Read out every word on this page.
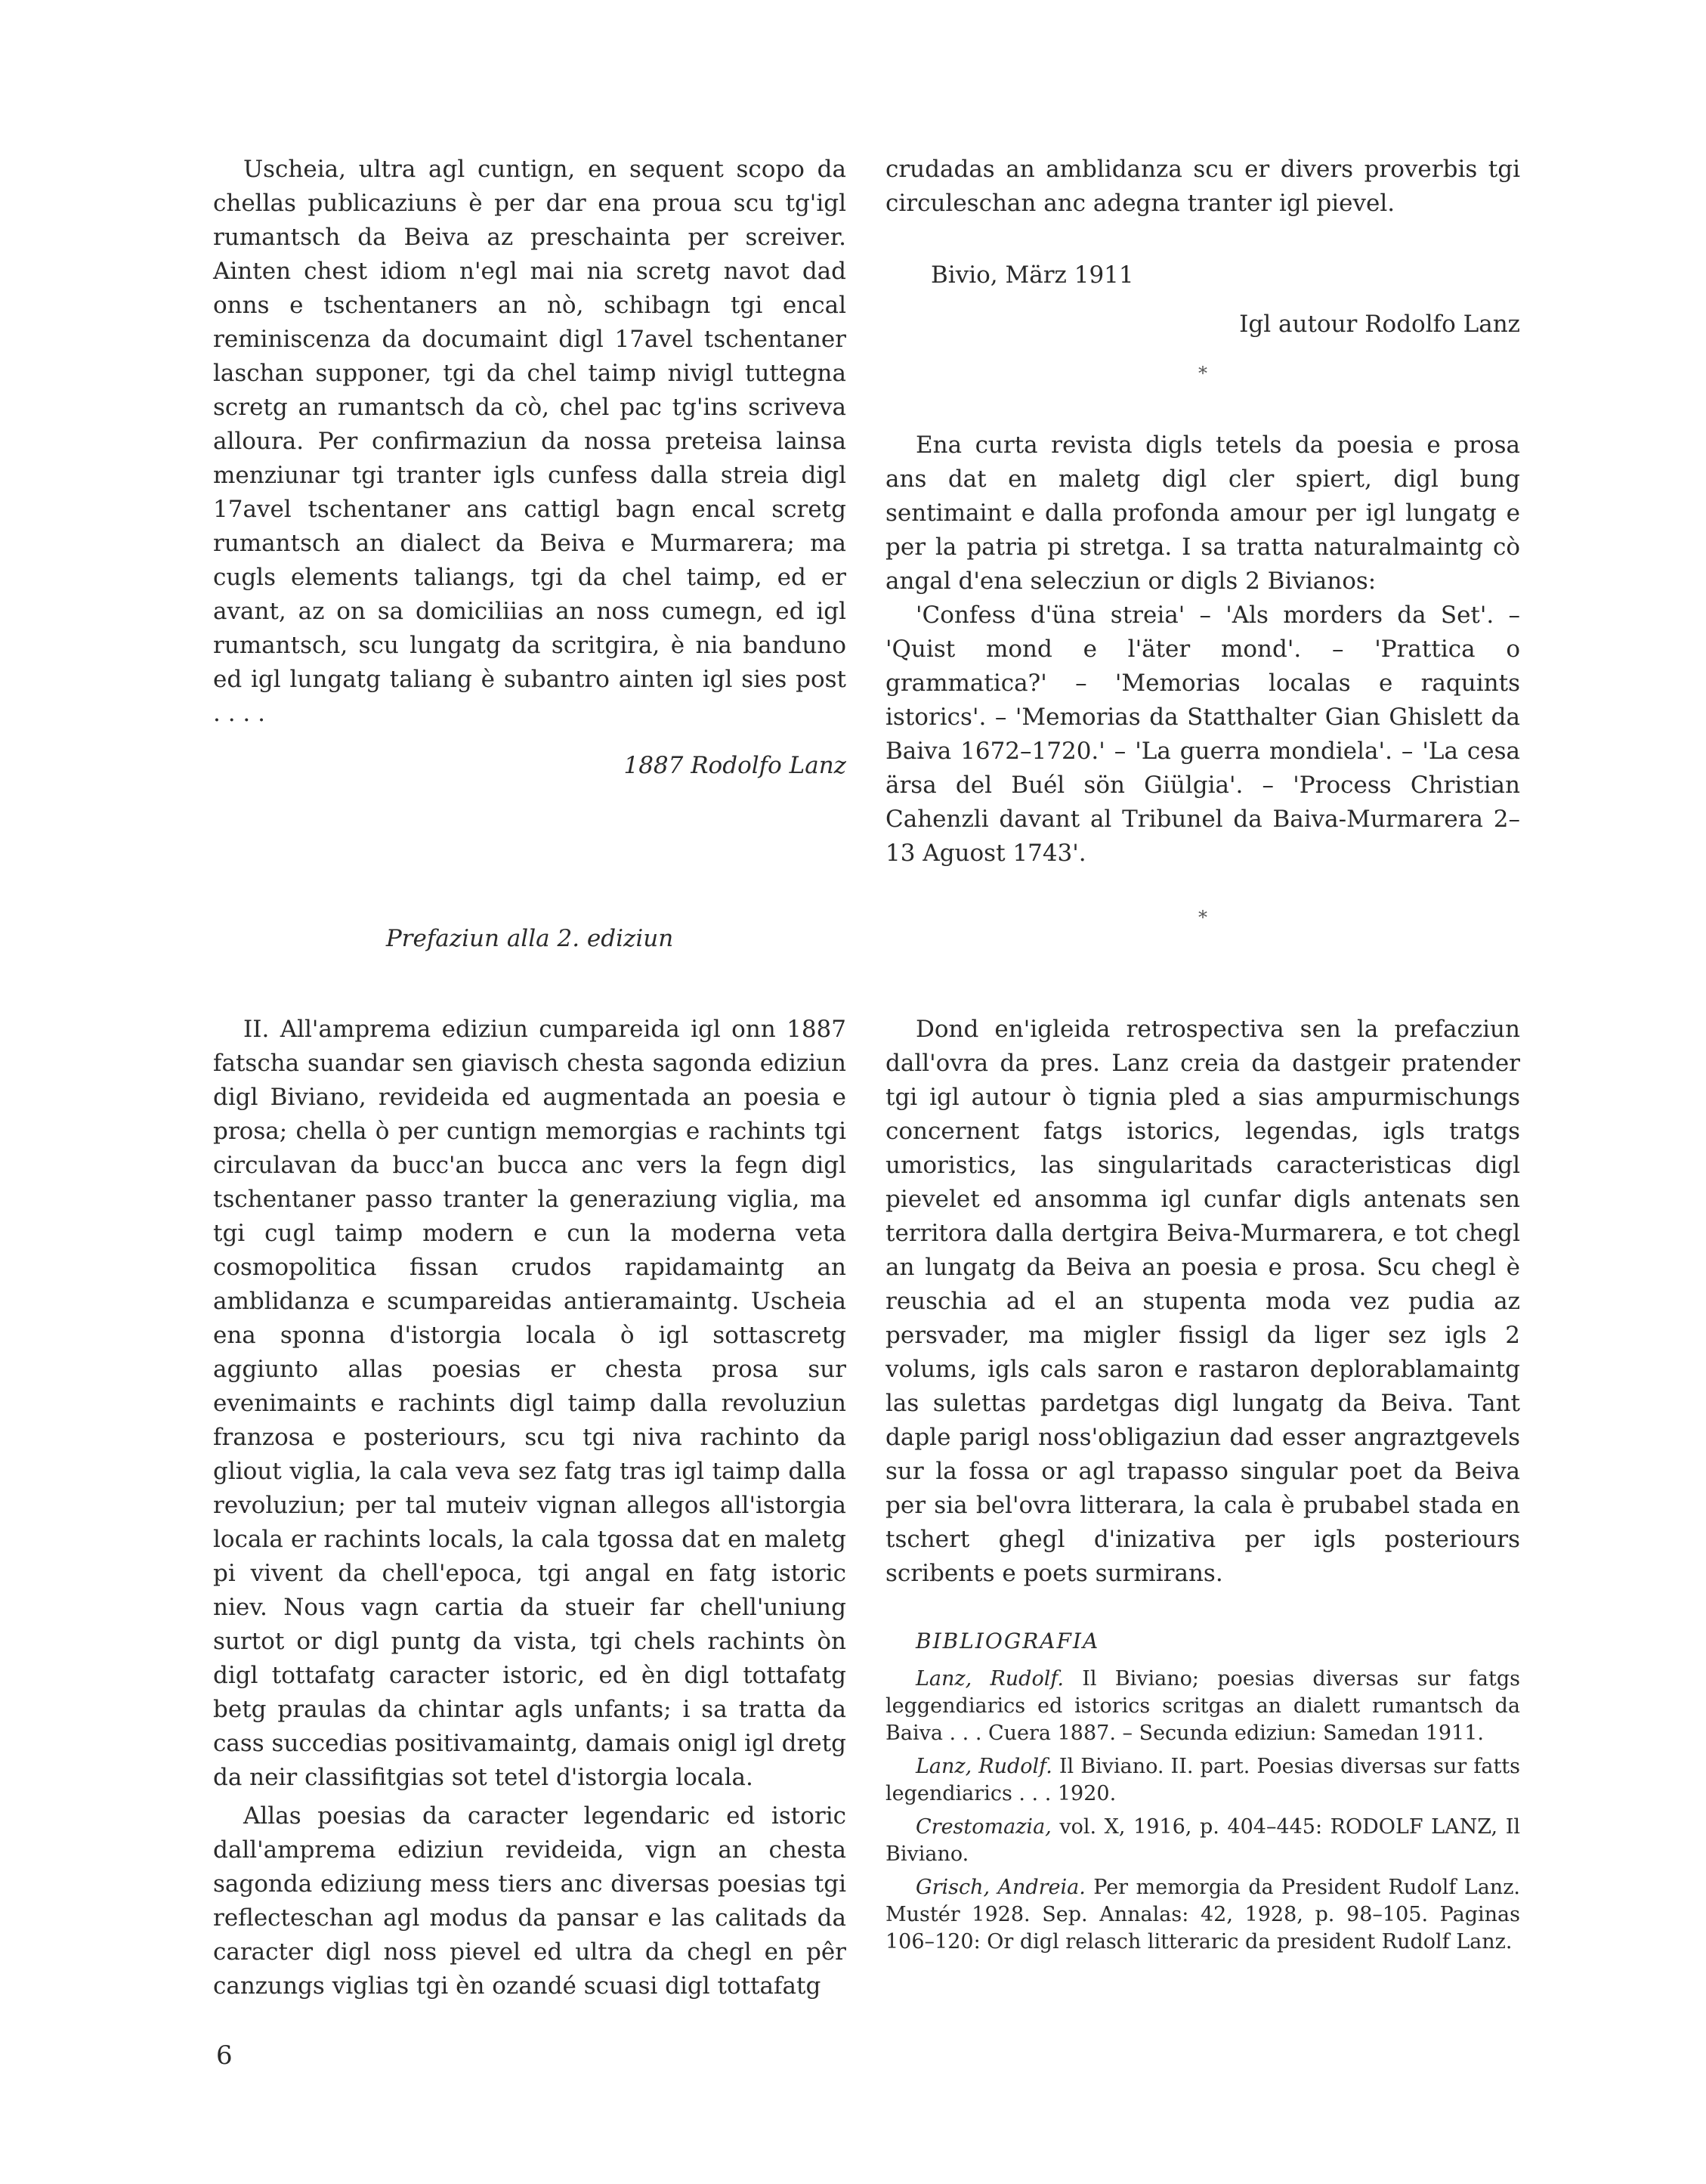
Uscheia, ultra agl cuntign, en sequent scopo da chellas publicaziuns è per dar ena proua scu tg'igl rumantsch da Beiva az preschainta per screiver. Ainten chest idiom n'egl mai nia scretg navot dad onns e tschentaners an nò, schibagn tgi encal reminiscenza da documaint digl 17avel tschentaner laschan supponer, tgi da chel taimp nivigl tuttegna scretg an rumantsch da cò, chel pac tg'ins scriveva alloura. Per confirmaziun da nossa preteisa lainsa menziunar tgi tranter igls cunfess dalla streia digl 17avel tschentaner ans cattigl bagn encal scretg rumantsch an dialect da Beiva e Murmarera; ma cugls elements taliangs, tgi da chel taimp, ed er avant, az on sa domiciliias an noss cumegn, ed igl rumantsch, scu lungatg da scritgira, è nia banduno ed igl lungatg taliang è subantro ainten igl sies post . . . .

1887 Rodolfo Lanz

Prefaziun alla 2. ediziun

II. All'amprema ediziun cumpareida igl onn 1887 fatscha suandar sen giavisch chesta sagonda ediziun digl Biviano, revideida ed augmentada an poesia e prosa; chella ò per cuntign memorgias e rachints tgi circulavan da bucc'an bucca anc vers la fegn digl tschentaner passo tranter la generaziung viglia, ma tgi cugl taimp modern e cun la moderna veta cosmopolitica fissan crudos rapidamaintg an amblidanza e scumpareidas antieramaintg. Uscheia ena sponna d'istorgia locala ò igl sottascretg aggiunto allas poesias er chesta prosa sur evenimaints e rachints digl taimp dalla revoluziun franzosa e posteriours, scu tgi niva rachinto da gliout viglia, la cala veva sez fatg tras igl taimp dalla revoluziun; per tal muteiv vignan allegos all'istorgia locala er rachints locals, la cala tgossa dat en maletg pi vivent da chell'epoca, tgi angal en fatg istoric niev. Nous vagn cartia da stueir far chell'uniung surtot or digl puntg da vista, tgi chels rachints òn digl tottafatg caracter istoric, ed èn digl tottafatg betg praulas da chintar agls unfants; i sa tratta da cass succedias positivamaintg, damais onigl igl dretg da neir classifitgias sot tetel d'istorgia locala.

Allas poesias da caracter legendaric ed istoric dall'amprema ediziun revideida, vign an chesta sagonda ediziung mess tiers anc diversas poesias tgi reflecteschan agl modus da pansar e las calitads da caracter digl noss pievel ed ultra da chegl en pêr canzungs viglias tgi èn ozandé scuasi digl tottafatg

crudadas an amblidanza scu er divers proverbis tgi circuleschan anc adegna tranter igl pievel.

Bivio, März 1911

Igl autour Rodolfo Lanz

*

Ena curta revista digls tetels da poesia e prosa ans dat en maletg digl cler spiert, digl bung sentimaint e dalla profonda amour per igl lungatg e per la patria pi stretga. I sa tratta naturalmaintg cò angal d'ena selecziun or digls 2 Bivianos:

'Confess d'üna streia' – 'Als morders da Set'. – 'Quist mond e l'äter mond'. – 'Prattica o grammatica?' – 'Memorias localas e raquints istorics'. – 'Memorias da Statthalter Gian Ghislett da Baiva 1672–1720.' – 'La guerra mondiela'. – 'La cesa ärsa del Buél sön Giülgia'. – 'Process Christian Cahenzli davant al Tribunel da Baiva-Murmarera 2–13 Aguost 1743'.

*

Dond en'igleida retrospectiva sen la prefacziun dall'ovra da pres. Lanz creia da dastgeir pratender tgi igl autour ò tignia pled a sias ampurmischungs concernent fatgs istorics, legendas, igls tratgs umoristics, las singularitads caracteristicas digl pievelet ed ansomma igl cunfar digls antenats sen territora dalla dertgira Beiva-Murmarera, e tot chegl an lungatg da Beiva an poesia e prosa. Scu chegl è reuschia ad el an stupenta moda vez pudia az persvader, ma migler fissigl da liger sez igls 2 volums, igls cals saron e rastaron deplorablamaintg las sulettas pardetgas digl lungatg da Beiva. Tant daple parigl noss'obligaziun dad esser angraztgevels sur la fossa or agl trapasso singular poet da Beiva per sia bel'ovra litterara, la cala è prubabel stada en tschert ghegl d'inizativa per igls posteriours scribents e poets surmirans.

BIBLIOGRAFIA

Lanz, Rudolf. Il Biviano; poesias diversas sur fatgs leggendiarics ed istorics scritgas an dialett rumantsch da Baiva . . . Cuera 1887. – Secunda ediziun: Samedan 1911.

Lanz, Rudolf. Il Biviano. II. part. Poesias diversas sur fatts legendiarics . . . 1920.

Crestomazia, vol. X, 1916, p. 404–445: RODOLF LANZ, Il Biviano.

Grisch, Andreia. Per memorgia da President Rudolf Lanz. Mustér 1928. Sep. Annalas: 42, 1928, p. 98–105. Paginas 106–120: Or digl relasch litteraric da president Rudolf Lanz.

6
